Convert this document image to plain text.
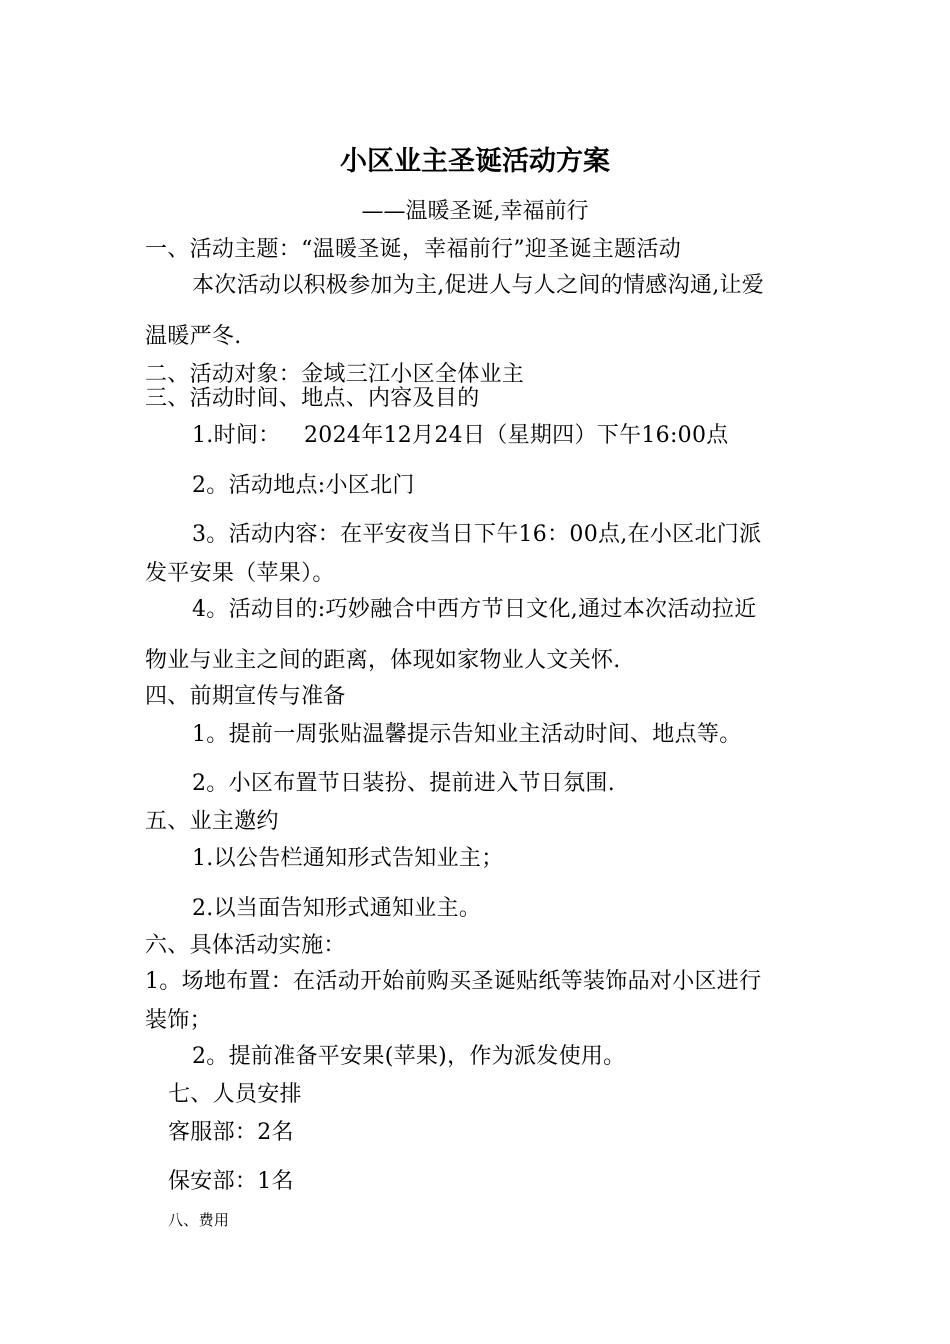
小区业主圣诞活动方案
——温暖圣诞,幸福前行
一、活动主题：“温暖圣诞，幸福前行”迎圣诞主题活动
本次活动以积极参加为主,促进人与人之间的情感沟通,让爱
温暖严冬.
二、活动对象：金域三江小区全体业主
三、活动时间、地点、内容及目的
1.时间： 2024年12月24日（星期四）下午16:00点
2。活动地点:小区北门
3。活动内容：在平安夜当日下午16：00点,在小区北门派
发平安果（苹果）。
4。活动目的:巧妙融合中西方节日文化,通过本次活动拉近
物业与业主之间的距离，体现如家物业人文关怀.
四、前期宣传与准备
1。提前一周张贴温馨提示告知业主活动时间、地点等。
2。小区布置节日装扮、提前进入节日氛围.
五、业主邀约
1.以公告栏通知形式告知业主；
2.以当面告知形式通知业主。
六、具体活动实施：
1。场地布置：在活动开始前购买圣诞贴纸等装饰品对小区进行
装饰；
2。提前准备平安果(苹果)，作为派发使用。
七、人员安排
客服部：2名
保安部：1名
八、费用
